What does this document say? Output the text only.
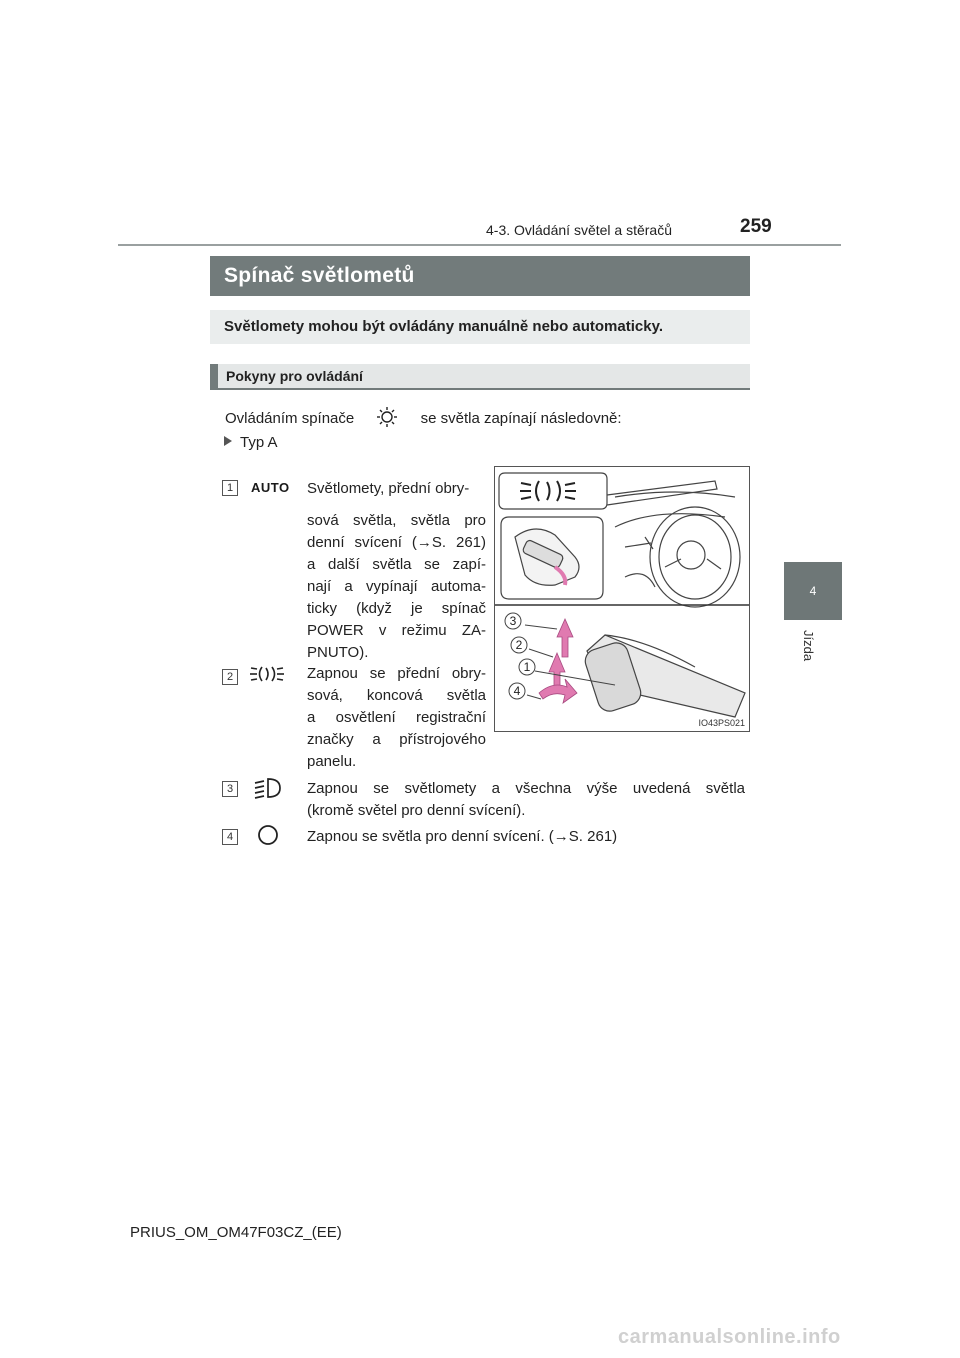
4-3. Ovládání světel a stěračů	259
4
Jízda
Spínač světlometů
Světlomety mohou být ovládány manuálně nebo automaticky.
Pokyny pro ovládání
Ovládáním spínače	se světla zapínají následovně:
Typ A
1	AUTO Světlomety, přední obry-
sová světla, světla pro
denní svícení (→S. 261)
a další světla se zapí-
nají a vypínají automa-
ticky (když je spínač
POWER v režimu ZA-
PNUTO).
2	Zapnou se přední obry-
sová, koncová světla
a osvětlení registrační
značky a přístrojového
panelu.
3	Zapnou se světlomety a všechna výše uvedená světla
(kromě světel pro denní svícení).
4	Zapnou se světla pro denní svícení. (→S. 261)
3
2
1
4
IO43PS021
PRIUS_OM_OM47F03CZ_(EE)
carmanualsonline.info
